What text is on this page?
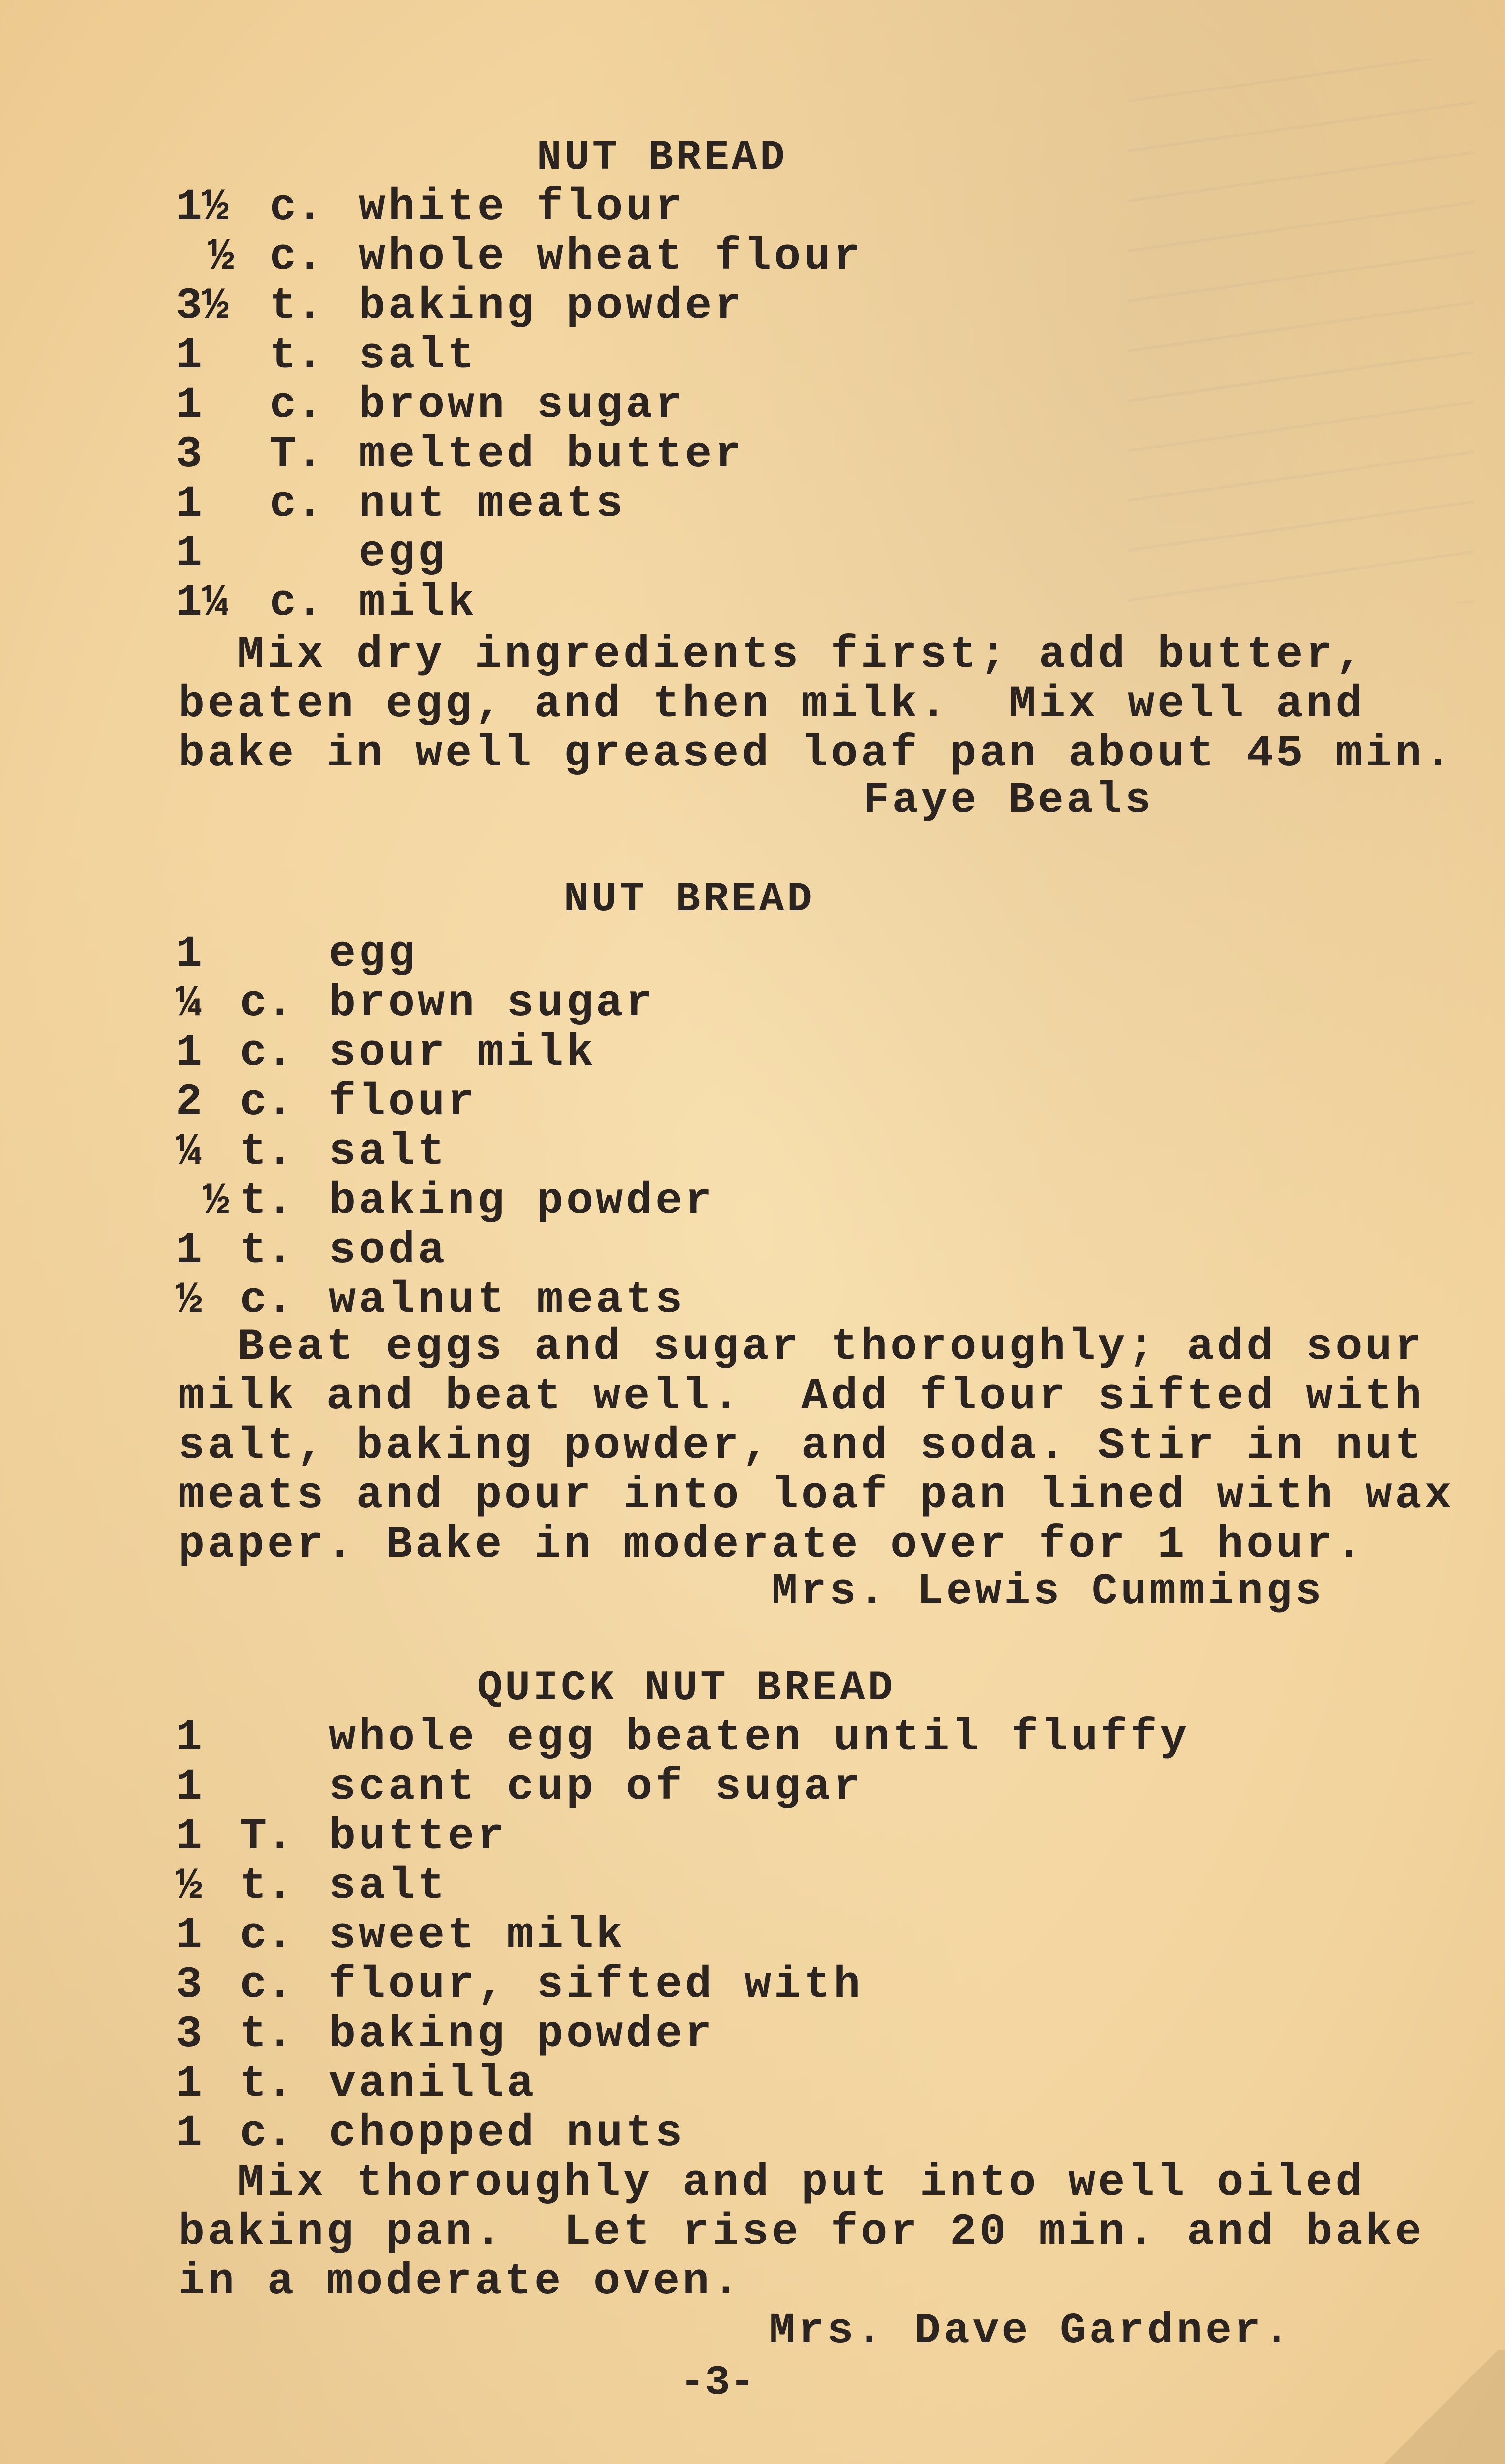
NUT BREAD
1½ c. white flour
½ c. whole wheat flour
3½ t. baking powder
1 t. salt
1 c. brown sugar
3 T. melted butter
1 c. nut meats
1	egg
1¼ c. milk
Mix dry ingredients first; add butter,
beaten egg, and then milk.  Mix well and
bake in well greased loaf pan about 45 min.
Faye Beals
NUT BREAD
1	egg
¼ c. brown sugar
1 c. sour milk
2 c. flour
¼ t. salt
½ t. baking powder
1 t. soda
½ c. walnut meats
Beat eggs and sugar thoroughly; add sour
milk and beat well.  Add flour sifted with
salt, baking powder, and soda. Stir in nut
meats and pour into loaf pan lined with wax
paper. Bake in moderate over for 1 hour.
Mrs. Lewis Cummings
QUICK NUT BREAD
1	whole egg beaten until fluffy
1	scant cup of sugar
1 T. butter
½ t. salt
1 c. sweet milk
3 c. flour, sifted with
3 t. baking powder
1 t. vanilla
1 c. chopped nuts
Mix thoroughly and put into well oiled
baking pan.  Let rise for 20 min. and bake
in a moderate oven.
Mrs. Dave Gardner.
-3-
